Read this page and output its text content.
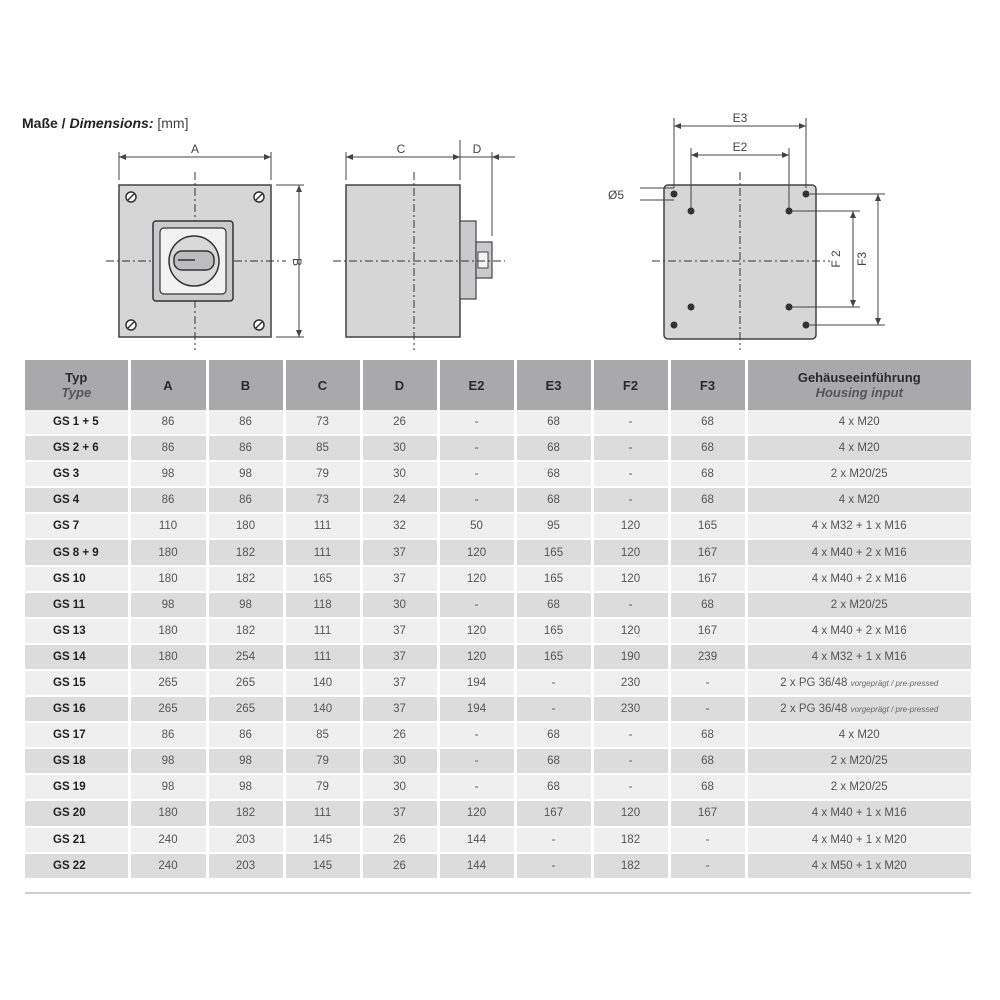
Maße / Dimensions: [mm]
A
B
C	D
E3
E2
F 2 F3
Ø5
Typ
Type	A	B	C	D	E2	E3	F2	F3	Gehäuseeinführung
Housing input

GS 1 + 5	86	86	73	26	-	68	-	68	4 x M20
GS 2 + 6	86	86	85	30	-	68	-	68	4 x M20
GS 3	98	98	79	30	-	68	-	68	2 x M20/25
GS 4	86	86	73	24	-	68	-	68	4 x M20
GS 7	110	180	111	32	50	95	120	165	4 x M32 + 1 x M16
GS 8 + 9	180	182	111	37	120	165	120	167	4 x M40 + 2 x M16
GS 10	180	182	165	37	120	165	120	167	4 x M40 + 2 x M16
GS 11	98	98	118	30	-	68	-	68	2 x M20/25
GS 13	180	182	111	37	120	165	120	167	4 x M40 + 2 x M16
GS 14	180	254	111	37	120	165	190	239	4 x M32 + 1 x M16
GS 15	265	265	140	37	194	-	230	-	2 x PG 36/48 vorgeprägt / pre-pressed
GS 16	265	265	140	37	194	-	230	-	2 x PG 36/48 vorgeprägt / pre-pressed
GS 17	86	86	85	26	-	68	-	68	4 x M20
GS 18	98	98	79	30	-	68	-	68	2 x M20/25
GS 19	98	98	79	30	-	68	-	68	2 x M20/25
GS 20	180	182	111	37	120	167	120	167	4 x M40 + 1 x M16
GS 21	240	203	145	26	144	-	182	-	4 x M40 + 1 x M20
GS 22	240	203	145	26	144	-	182	-	4 x M50 + 1 x M20
